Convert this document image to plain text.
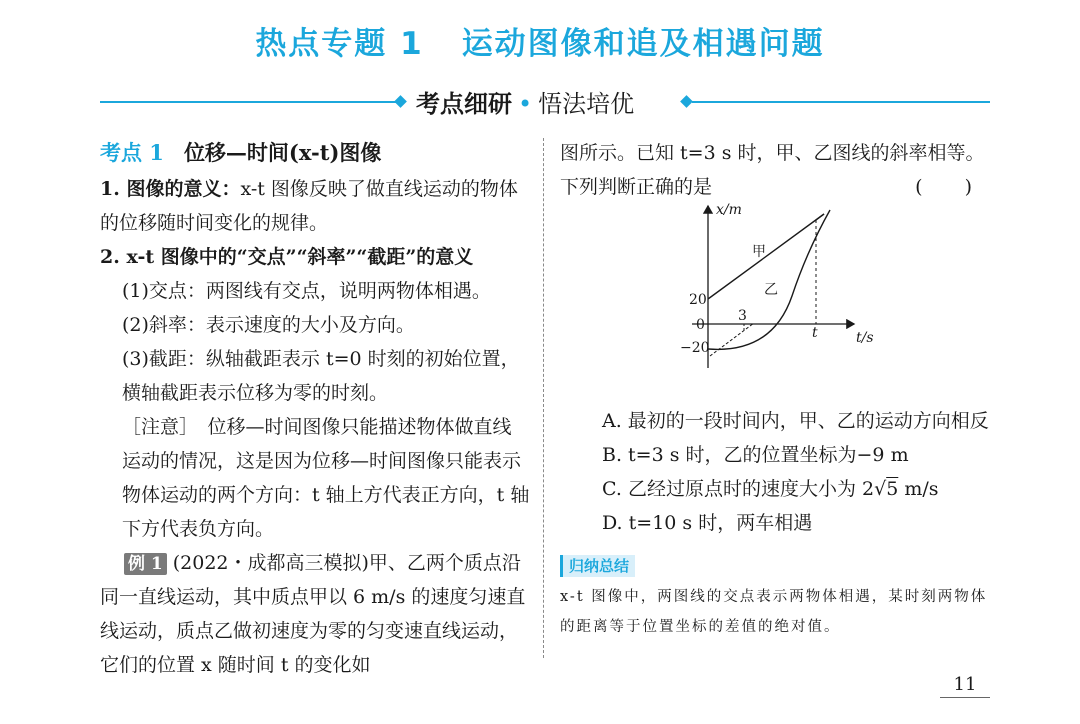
热点专题 1 运动图像和追及相遇问题
考点细研 • 悟法培优
考点 1 位移—时间(x-t)图像

1. 图像的意义：x-t 图像反映了做直线运动的物体的位移随时间变化的规律。

2. x-t 图像中的“交点”“斜率”“截距”的意义

(1)交点：两图线有交点，说明两物体相遇。

(2)斜率：表示速度的大小及方向。

(3)截距：纵轴截距表示 t=0 时刻的初始位置，横轴截距表示位移为零的时刻。

［注意］　位移—时间图像只能描述物体做直线运动的情况，这是因为位移—时间图像只能表示物体运动的两个方向：t 轴上方代表正方向，t 轴下方代表负方向。

例 1 (2022・成都高三模拟)甲、乙两个质点沿同一直线运动，其中质点甲以 6 m/s 的速度匀速直线运动，质点乙做初速度为零的匀变速直线运动，它们的位置 x 随时间 t 的变化如

图所示。已知 t=3 s 时，甲、乙图线的斜率相等。下列判断正确的是	( )

A. 最初的一段时间内，甲、乙的运动方向相反

B. t=3 s 时，乙的位置坐标为−9 m

C. 乙经过原点时的速度大小为 2√5 m/s

D. t=10 s 时，两车相遇

归纳总结

x-t 图像中，两图线的交点表示两物体相遇，某时刻两物体的距离等于位置坐标的差值的绝对值。

x/m
t/s
20
0
−20
3
t
甲
乙
11
